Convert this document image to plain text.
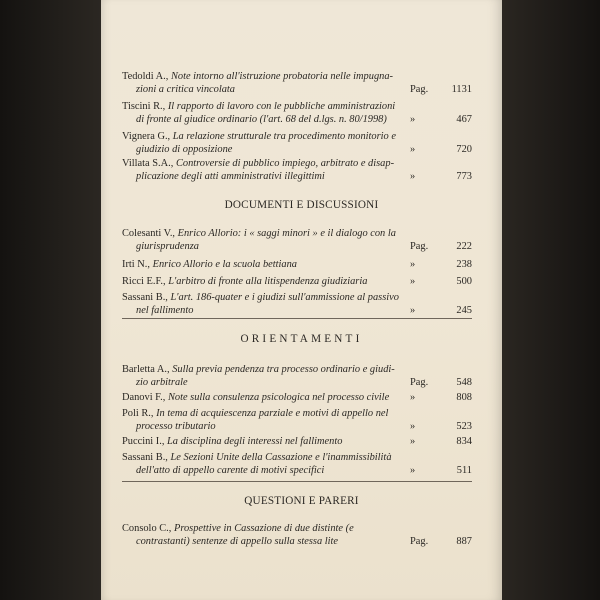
Tedoldi A., Note intorno all'istruzione probatoria nelle impugna-
zioni a critica vincolata	Pag. 1131
Tiscini R., Il rapporto di lavoro con le pubbliche amministrazioni
di fronte al giudice ordinario (l'art. 68 del d.lgs. n. 80/1998)	»	467
Vignera G., La relazione strutturale tra procedimento monitorio e
giudizio di opposizione	»	720
Villata S.A., Controversie di pubblico impiego, arbitrato e disap-
plicazione degli atti amministrativi illegittimi	»	773
DOCUMENTI E DISCUSSIONI
Colesanti V., Enrico Allorio: i « saggi minori » e il dialogo con la
giurisprudenza	Pag.	222
Irti N., Enrico Allorio e la scuola bettiana	»	238
Ricci E.F., L'arbitro di fronte alla litispendenza giudiziaria	»	500
Sassani B., L'art. 186-quater e i giudizi sull'ammissione al passivo
nel fallimento	»	245
ORIENTAMENTI
Barletta A., Sulla previa pendenza tra processo ordinario e giudi-
zio arbitrale	Pag.	548
Danovi F., Note sulla consulenza psicologica nel processo civile	»	808
Poli R., In tema di acquiescenza parziale e motivi di appello nel
processo tributario	»	523
Puccini I., La disciplina degli interessi nel fallimento	»	834
Sassani B., Le Sezioni Unite della Cassazione e l'inammissibilità
dell'atto di appello carente di motivi specifici	»	511
QUESTIONI E PARERI
Consolo C., Prospettive in Cassazione di due distinte (e
contrastanti) sentenze di appello sulla stessa lite	Pag.	887
